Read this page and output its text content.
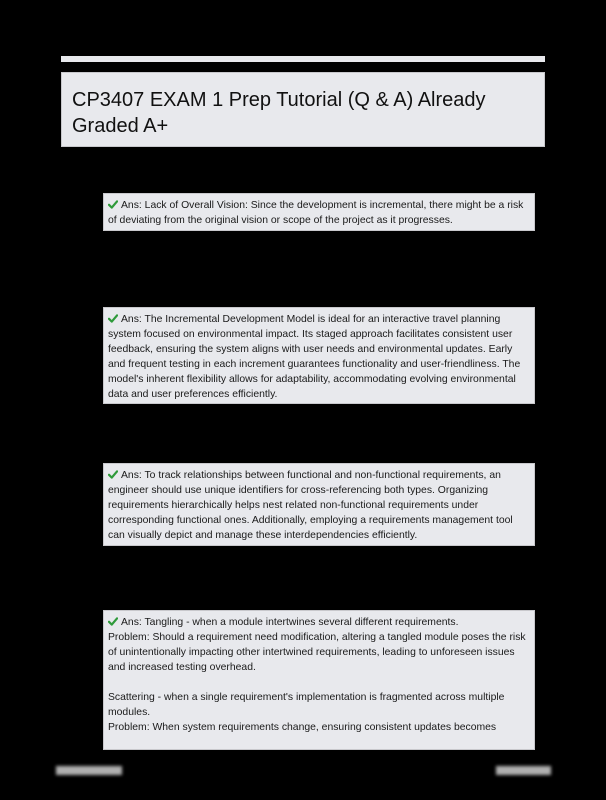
CP3407 EXAM 1 Prep Tutorial (Q & A) Already Graded A+

Ans: Lack of Overall Vision: Since the development is incremental, there might be a risk of deviating from the original vision or scope of the project as it progresses.

Ans: The Incremental Development Model is ideal for an interactive travel planning system focused on environmental impact. Its staged approach facilitates consistent user feedback, ensuring the system aligns with user needs and environmental updates. Early and frequent testing in each increment guarantees functionality and user-friendliness. The model's inherent flexibility allows for adaptability, accommodating evolving environmental data and user preferences efficiently.

Ans: To track relationships between functional and non-functional requirements, an engineer should use unique identifiers for cross-referencing both types. Organizing requirements hierarchically helps nest related non-functional requirements under corresponding functional ones. Additionally, employing a requirements management tool can visually depict and manage these interdependencies efficiently.

Ans: Tangling - when a module intertwines several different requirements.

Problem: Should a requirement need modification, altering a tangled module poses the risk of unintentionally impacting other intertwined requirements, leading to unforeseen issues and increased testing overhead.

Scattering - when a single requirement's implementation is fragmented across multiple modules.

Problem: When system requirements change, ensuring consistent updates becomes
